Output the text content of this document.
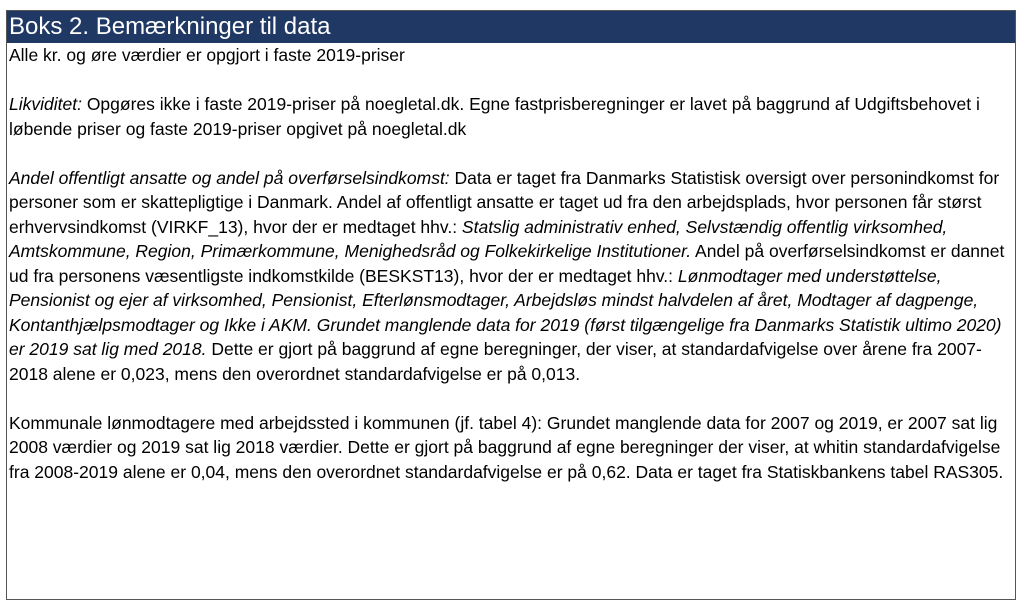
Boks 2. Bemærkninger til data

Alle kr. og øre værdier er opgjort i faste 2019-priser

Likviditet: Opgøres ikke i faste 2019-priser på noegletal.dk. Egne fastprisberegninger er lavet på baggrund af Udgiftsbehovet i løbende priser og faste 2019-priser opgivet på noegletal.dk

Andel offentligt ansatte og andel på overførselsindkomst: Data er taget fra Danmarks Statistisk oversigt over personindkomst for personer som er skattepligtige i Danmark. Andel af offentligt ansatte er taget ud fra den arbejdsplads, hvor personen får størst erhvervsindkomst (VIRKF_13), hvor der er medtaget hhv.: Statslig administrativ enhed, Selvstændig offentlig virksomhed, Amtskommune, Region, Primærkommune, Menighedsråd og Folkekirkelige Institutioner. Andel på overførselsindkomst er dannet ud fra personens væsentligste indkomstkilde (BESKST13), hvor der er medtaget hhv.: Lønmodtager med understøttelse, Pensionist og ejer af virksomhed, Pensionist, Efterlønsmodtager, Arbejdsløs mindst halvdelen af året, Modtager af dagpenge, Kontanthjælpsmodtager og Ikke i AKM. Grundet manglende data for 2019 (først tilgængelige fra Danmarks Statistik ultimo 2020) er 2019 sat lig med 2018. Dette er gjort på baggrund af egne beregninger, der viser, at standardafvigelse over årene fra 2007-2018 alene er 0,023, mens den overordnet standardafvigelse er på 0,013.

Kommunale lønmodtagere med arbejdssted i kommunen (jf. tabel 4): Grundet manglende data for 2007 og 2019, er 2007 sat lig 2008 værdier og 2019 sat lig 2018 værdier. Dette er gjort på baggrund af egne beregninger der viser, at whitin standardafvigelse fra 2008-2019 alene er 0,04, mens den overordnet standardafvigelse er på 0,62. Data er taget fra Statiskbankens tabel RAS305.
